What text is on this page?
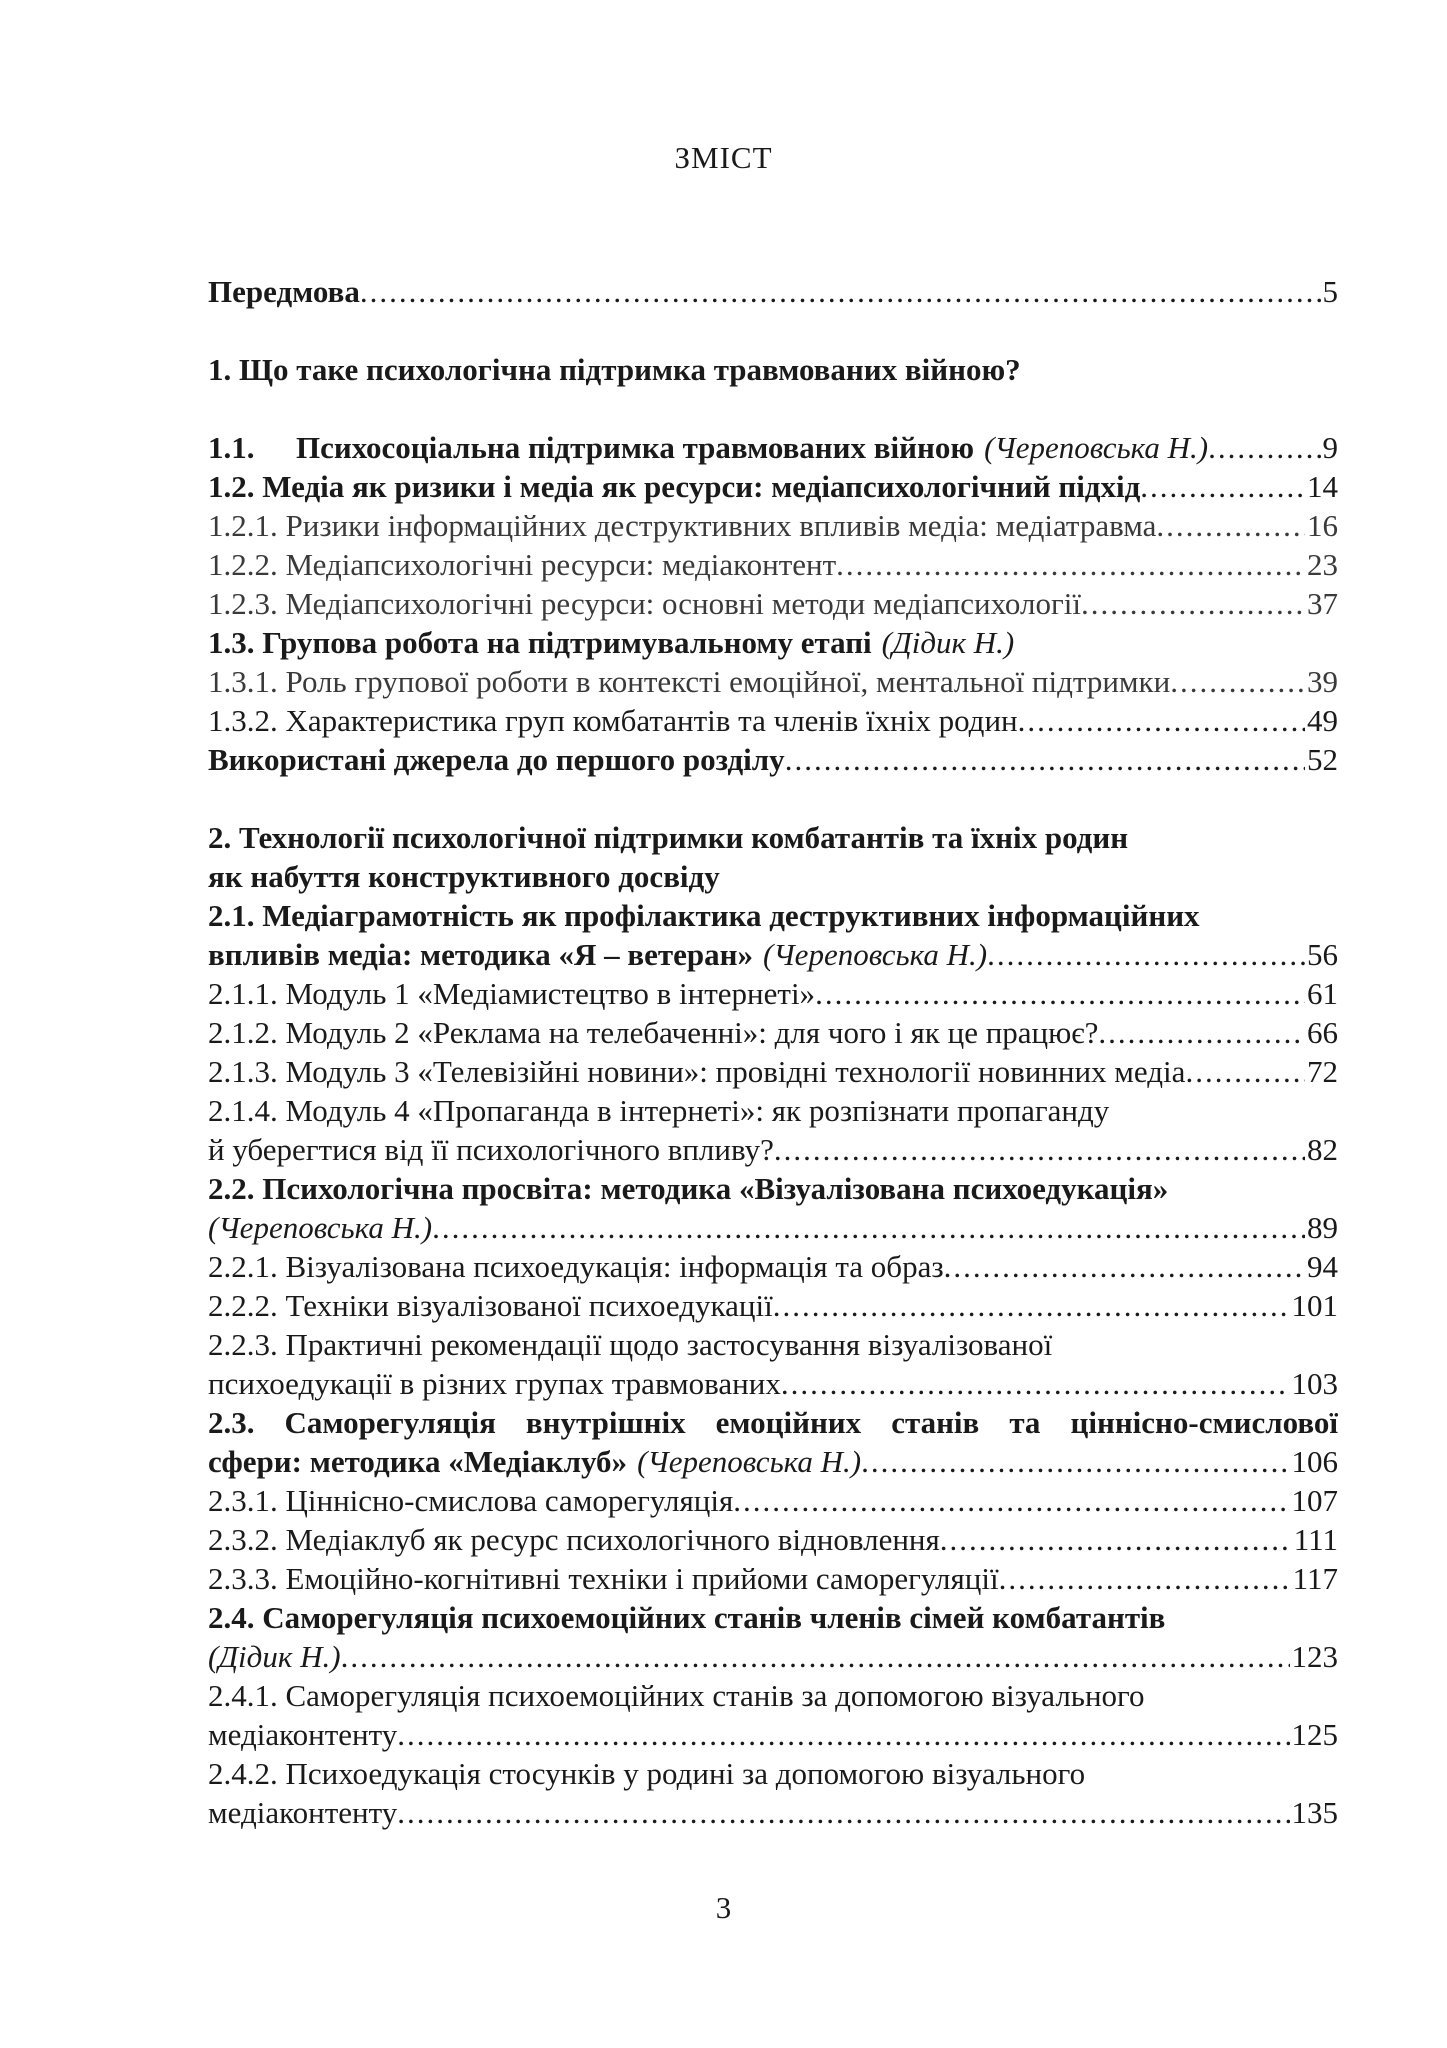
ЗМІСТ
Передмова .....	5
1. Що таке психологічна підтримка травмованих війною?
1.1.	Психосоціальна підтримка травмованих війною (Череповська Н.) .....	9
1.2. Медіа як ризики і медіа як ресурси: медіапсихологічний підхід .....	14
1.2.1. Ризики інформаційних деструктивних впливів медіа: медіатравма .....	16
1.2.2. Медіапсихологічні ресурси: медіаконтент .....	23
1.2.3. Медіапсихологічні ресурси: основні методи медіапсихології .....	37
1.3. Групова робота на підтримувальному етапі (Дідик Н.)
1.3.1. Роль групової роботи в контексті емоційної, ментальної підтримки .....	39
1.3.2. Характеристика груп комбатантів та членів їхніх родин .....	49
Використані джерела до першого розділу .....	52
2. Технології психологічної підтримки комбатантів та їхніх родин
як набуття конструктивного досвіду
2.1. Медіаграмотність як профілактика деструктивних інформаційних
впливів медіа: методика «Я – ветеран» (Череповська Н.) .....	56
2.1.1. Модуль 1 «Медіамистецтво в інтернеті» .....	61
2.1.2. Модуль 2 «Реклама на телебаченні»: для чого і як це працює? .....	66
2.1.3. Модуль 3 «Телевізійні новини»: провідні технології новинних медіа .....	72
2.1.4. Модуль 4 «Пропаганда в інтернеті»: як розпізнати пропаганду
й уберегтися від її психологічного впливу? .....	82
2.2. Психологічна просвіта: методика «Візуалізована психоедукація»
(Череповська Н.) .....	89
2.2.1. Візуалізована психоедукація: інформація та образ .....	94
2.2.2. Техніки візуалізованої психоедукації .....	101
2.2.3. Практичні рекомендації щодо застосування візуалізованої
психоедукації в різних групах травмованих .....	103
2.3. Саморегуляція внутрішніх емоційних станів та ціннісно-смислової
сфери: методика «Медіаклуб» (Череповська Н.) .....	106
2.3.1. Ціннісно-смислова саморегуляція .....	107
2.3.2. Медіаклуб як ресурс психологічного відновлення .....	111
2.3.3. Емоційно-когнітивні техніки і прийоми саморегуляції .....	117
2.4. Саморегуляція психоемоційних станів членів сімей комбатантів
(Дідик Н.) .....	123
2.4.1. Саморегуляція психоемоційних станів за допомогою візуального
медіаконтенту .....	125
2.4.2. Психоедукація стосунків у родині за допомогою візуального
медіаконтенту .....	135
3
